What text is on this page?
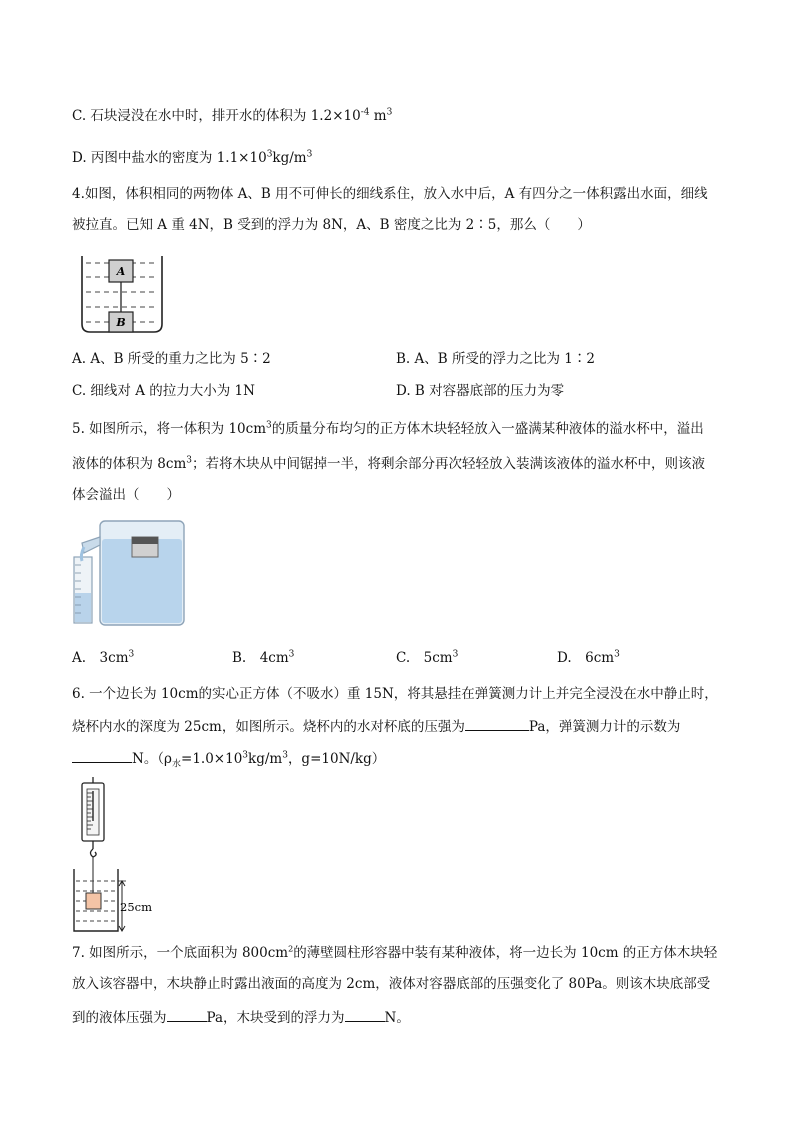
C. 石块浸没在水中时，排开水的体积为 $1.2\times 10^{-4}$ $m^3$
D. 丙图中盐水的密度为 $1.1\times 10^3kg/m^3$
4.如图，体积相同的两物体 A、B 用不可伸长的细线系住，放入水中后，A 有四分之一体积露出水面，细线
被拉直。已知 A 重 4N，B 受到的浮力为 8N，A、B 密度之比为 2∶5，那么（　　）
A
B
A. A、B 所受的重力之比为 5∶2	B. A、B 所受的浮力之比为 1∶2
C. 细线对 A 的拉力大小为 1N	D. B 对容器底部的压力为零
5. 如图所示，将一体积为 $10cm^3$的质量分布均匀的正方体木块轻轻放入一盛满某种液体的溢水杯中，溢出
液体的体积为 $8cm^3$；若将木块从中间锯掉一半，将剩余部分再次轻轻放入装满该液体的溢水杯中，则该液
体会溢出（　　）
A.　$3cm^3$	B.　$4cm^3$	C.　$5cm^3$	D.　$6cm^3$
6. 一个边长为 10cm的实心正方体（不吸水）重 15N，将其悬挂在弹簧测力计上并完全浸没在水中静止时，
烧杯内水的深度为 25cm，如图所示。烧杯内的水对杯底的压强为	Pa，弹簧测力计的示数为
N。（$\rho_水=1.0\times 10^3kg/m^3$，g=10N/kg）
25cm
7. 如图所示，一个底面积为 $800cm^2$的薄壁圆柱形容器中装有某种液体，将一边长为 10cm 的正方体木块轻
放入该容器中，木块静止时露出液面的高度为 2cm，液体对容器底部的压强变化了 80Pa。则该木块底部受
到的液体压强为	Pa，木块受到的浮力为	N。
